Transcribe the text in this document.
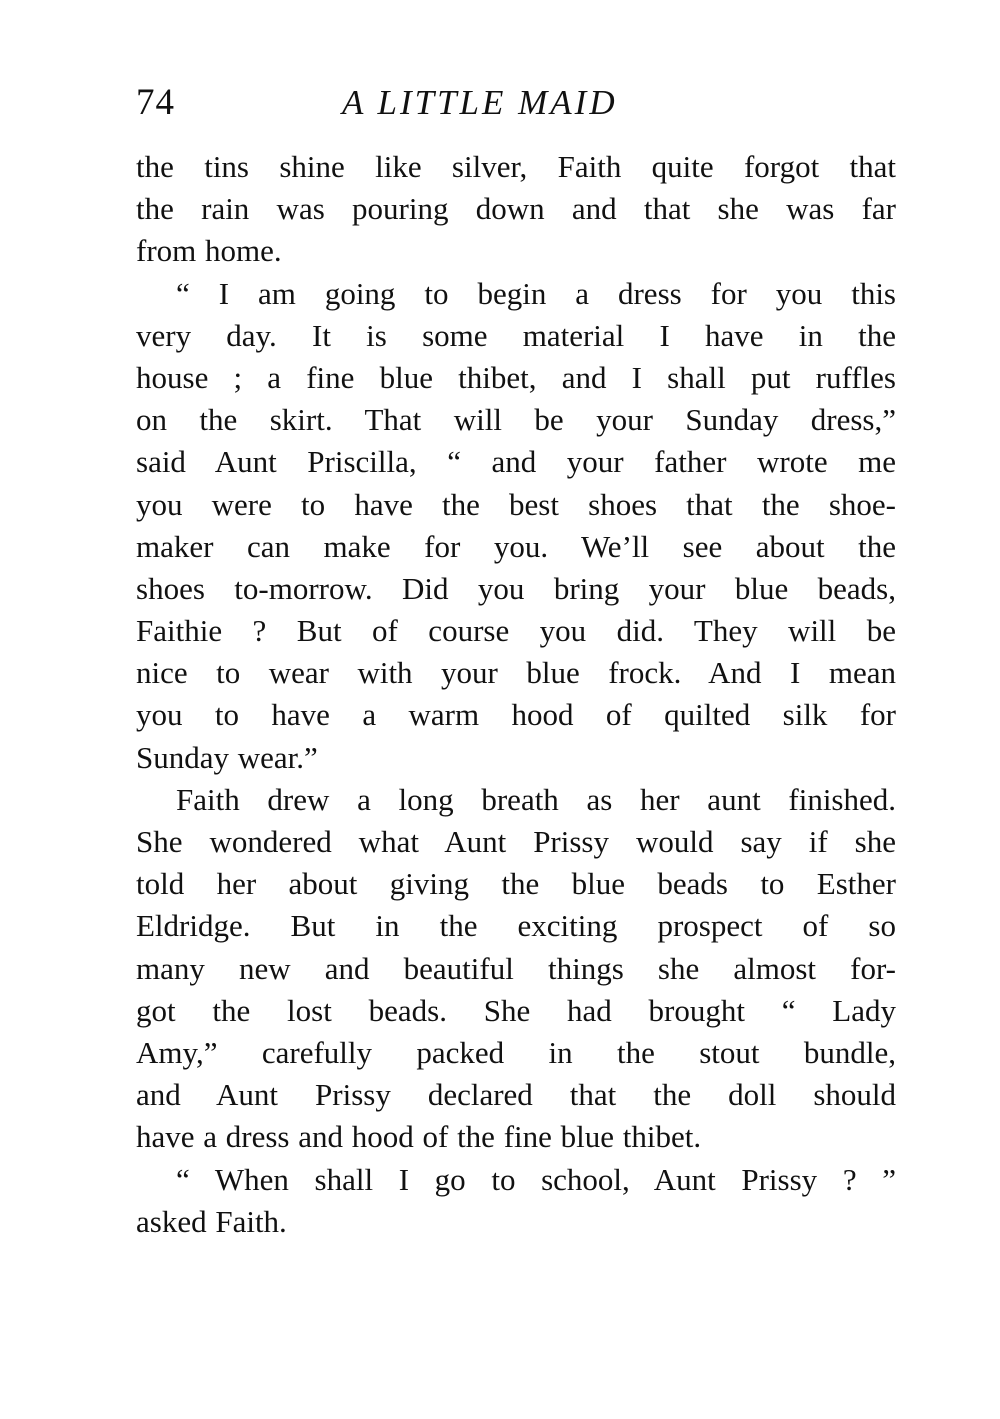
74	A LITTLE MAID
the tins shine like silver, Faith quite forgot that
the rain was pouring down and that she was far
from home.
“ I am going to begin a dress for you this
very day. It is some material I have in the
house ; a fine blue thibet, and I shall put ruffles
on the skirt. That will be your Sunday dress,”
said Aunt Priscilla, “ and your father wrote me
you were to have the best shoes that the shoe-
maker can make for you. We’ll see about the
shoes to-morrow. Did you bring your blue beads,
Faithie ? But of course you did. They will be
nice to wear with your blue frock. And I mean
you to have a warm hood of quilted silk for
Sunday wear.”
Faith drew a long breath as her aunt finished.
She wondered what Aunt Prissy would say if she
told her about giving the blue beads to Esther
Eldridge. But in the exciting prospect of so
many new and beautiful things she almost for-
got the lost beads. She had brought “ Lady
Amy,” carefully packed in the stout bundle,
and Aunt Prissy declared that the doll should
have a dress and hood of the fine blue thibet.
“ When shall I go to school, Aunt Prissy ? ”
asked Faith.
